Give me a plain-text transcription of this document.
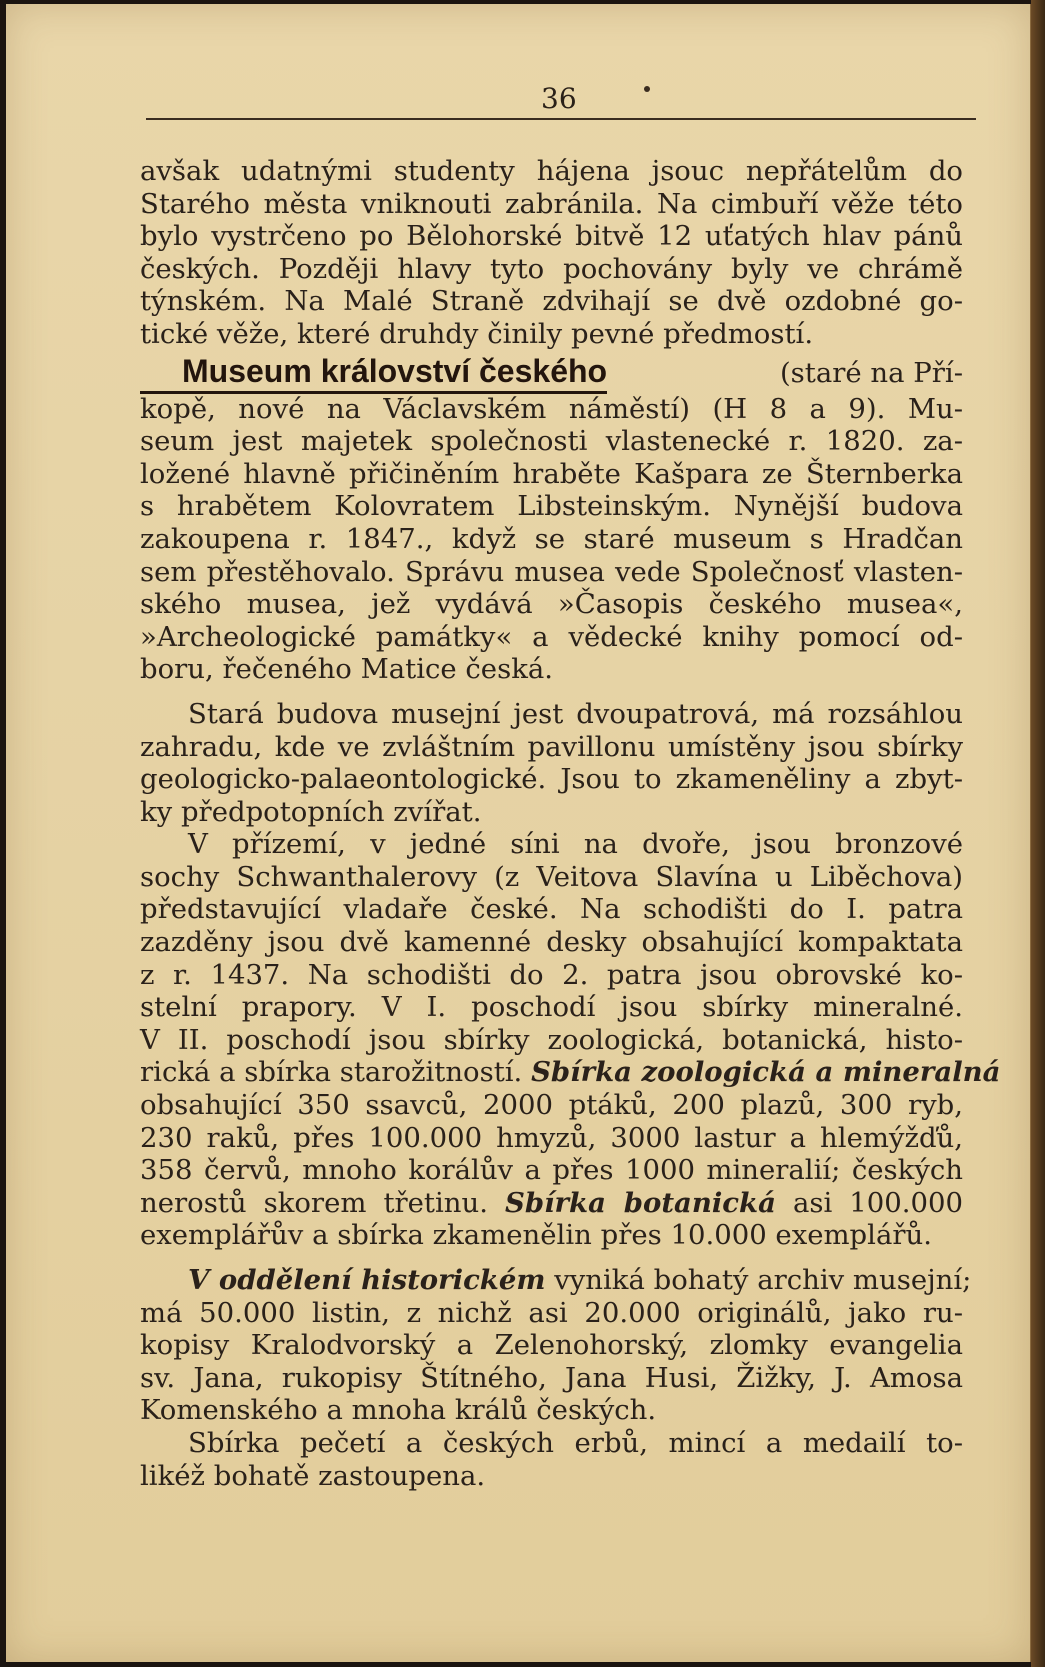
36
avšak udatnými studenty hájena jsouc nepřátelům do
Starého města vniknouti zabránila. Na cimbuří věže této
bylo vystrčeno po Bělohorské bitvě 12 uťatých hlav pánů
českých. Později hlavy tyto pochovány byly ve chrámě
týnském. Na Malé Straně zdvihají se dvě ozdobné go-
tické věže, které druhdy činily pevné předmostí.
Museum království českého	(staré na Pří-
kopě, nové na Václavském náměstí) (H 8 a 9). Mu-
seum jest majetek společnosti vlastenecké r. 1820. za-
ložené hlavně přičiněním hraběte Kašpara ze Šternberka
s hrabětem Kolovratem Libsteinským. Nynější budova
zakoupena r. 1847., když se staré museum s Hradčan
sem přestěhovalo. Správu musea vede Společnosť vlasten-
ského musea, jež vydává »Časopis českého musea«,
»Archeologické památky« a vědecké knihy pomocí od-
boru, řečeného Matice česká.
Stará budova musejní jest dvoupatrová, má rozsáhlou
zahradu, kde ve zvláštním pavillonu umístěny jsou sbírky
geologicko-palaeontologické. Jsou to zkameněliny a zbyt-
ky předpotopních zvířat.
V přízemí, v jedné síni na dvoře, jsou bronzové
sochy Schwanthalerovy (z Veitova Slavína u Liběchova)
představující vladaře české. Na schodišti do I. patra
zazděny jsou dvě kamenné desky obsahující kompaktata
z r. 1437. Na schodišti do 2. patra jsou obrovské ko-
stelní prapory. V I. poschodí jsou sbírky mineralné.
V II. poschodí jsou sbírky zoologická, botanická, histo-
rická a sbírka starožitností. Sbírka zoologická a mineralná
obsahující 350 ssavců, 2000 ptáků, 200 plazů, 300 ryb,
230 raků, přes 100.000 hmyzů, 3000 lastur a hlemýžďů,
358 červů, mnoho korálův a přes 1000 mineralií; českých
nerostů skorem třetinu. Sbírka botanická asi 100.000
exemplářův a sbírka zkamenělin přes 10.000 exemplářů.
V oddělení historickém vyniká bohatý archiv musejní;
má 50.000 listin, z nichž asi 20.000 originálů, jako ru-
kopisy Kralodvorský a Zelenohorský, zlomky evangelia
sv. Jana, rukopisy Štítného, Jana Husi, Žižky, J. Amosa
Komenského a mnoha králů českých.
Sbírka pečetí a českých erbů, mincí a medailí to-
likéž bohatě zastoupena.
